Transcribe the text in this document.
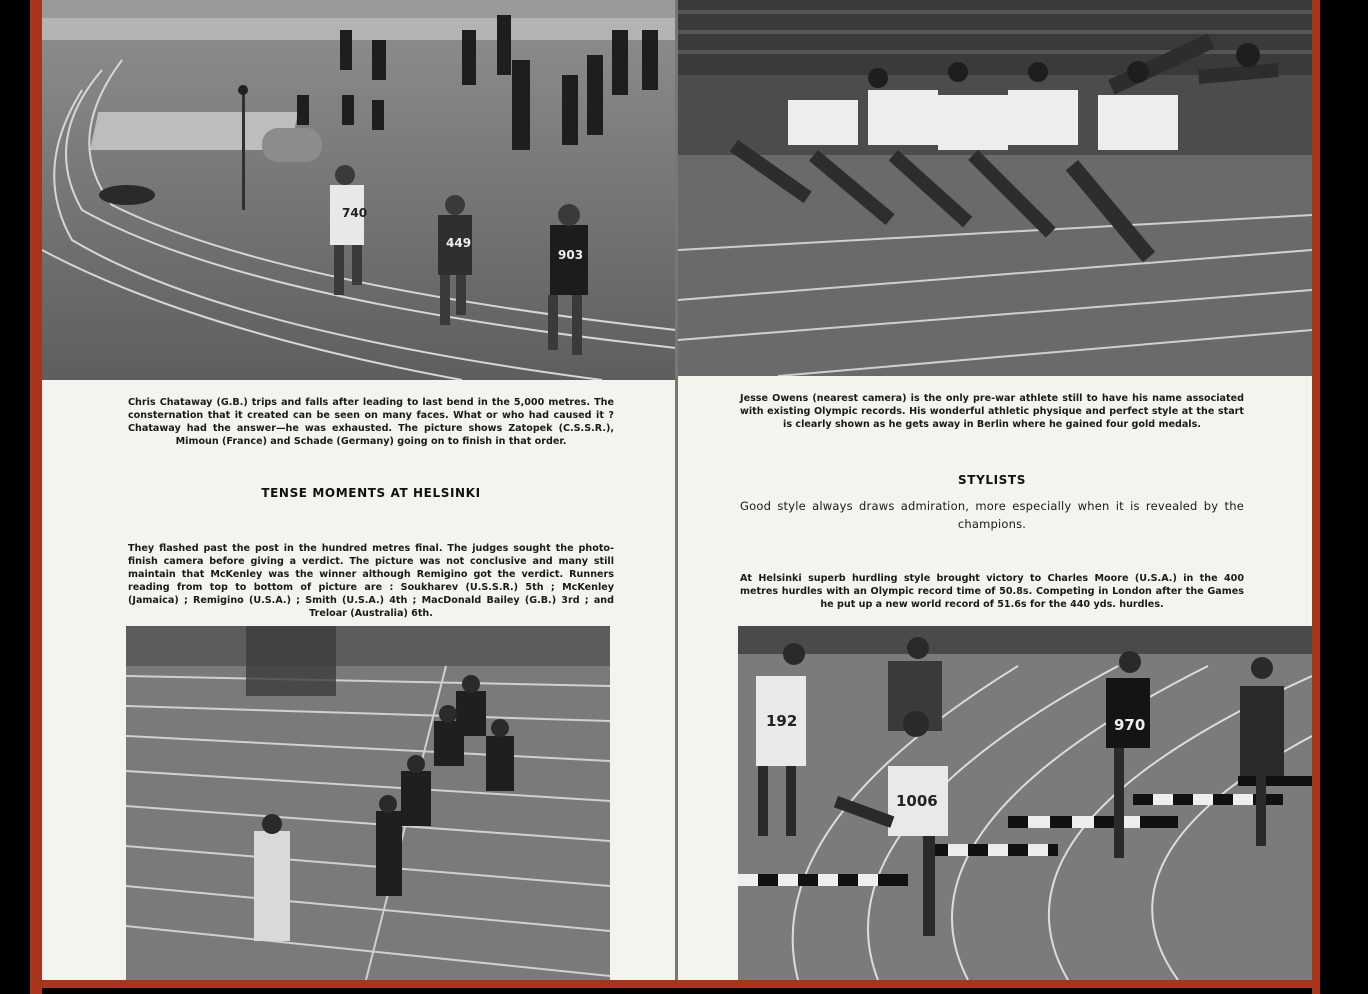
740
449
903
Chris Chataway (G.B.) trips and falls after leading to last bend in the 5,000 metres. The consternation that it created can be seen on many faces. What or who had caused it ? Chataway had the answer—he was exhausted. The picture shows Zatopek (C.S.S.R.), Mimoun (France) and Schade (Germany) going on to finish in that order.
TENSE MOMENTS AT HELSINKI
They flashed past the post in the hundred metres final. The judges sought the photo-finish camera before giving a verdict. The picture was not conclusive and many still maintain that McKenley was the winner although Remigino got the verdict. Runners reading from top to bottom of picture are : Soukharev (U.S.S.R.) 5th ; McKenley (Jamaica) ; Remigino (U.S.A.) ; Smith (U.S.A.) 4th ; MacDonald Bailey (G.B.) 3rd ; and Treloar (Australia) 6th.
Jesse Owens (nearest camera) is the only pre-war athlete still to have his name associated with existing Olympic records. His wonderful athletic physique and perfect style at the start is clearly shown as he gets away in Berlin where he gained four gold medals.
STYLISTS
Good style always draws admiration, more especially when it is revealed by the champions.
At Helsinki superb hurdling style brought victory to Charles Moore (U.S.A.) in the 400 metres hurdles with an Olympic record time of 50.8s. Competing in London after the Games he put up a new world record of 51.6s for the 440 yds. hurdles.
192
1006
970
